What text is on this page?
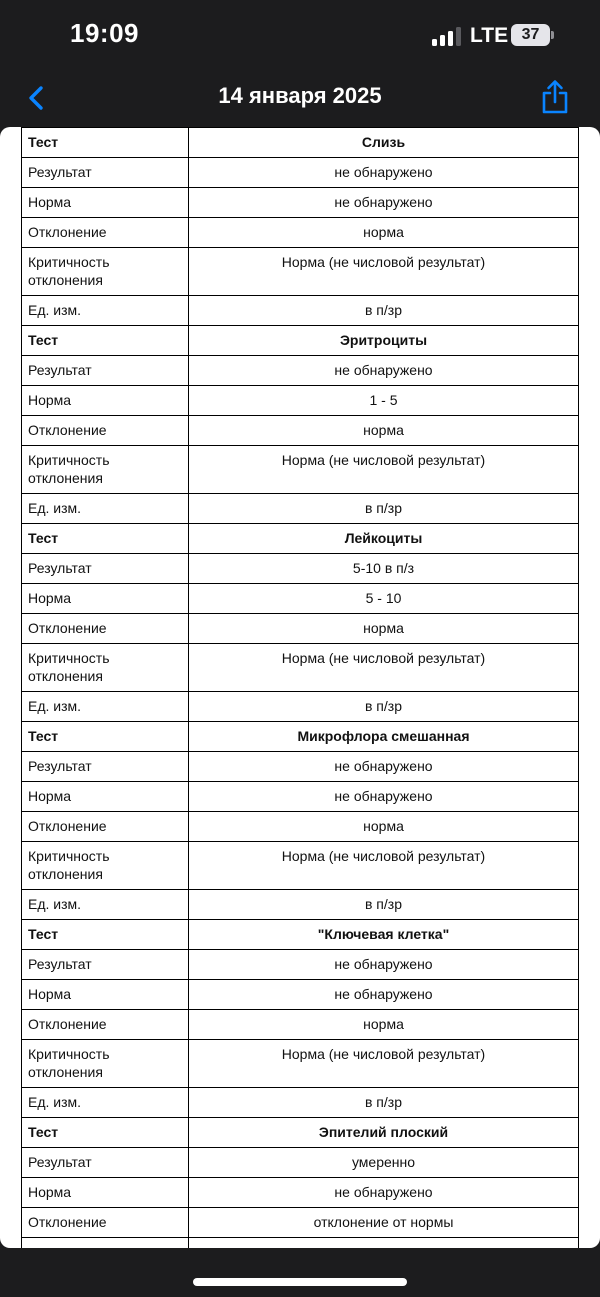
19:09	LTE 37
14 января 2025
Тест	Слизь
Результат	не обнаружено
Норма	не обнаружено
Отклонение	норма
Критичность отклонения	Норма (не числовой результат)
Ед. изм.	в п/зр
Тест	Эритроциты
Результат	не обнаружено
Норма	1 - 5
Отклонение	норма
Критичность отклонения	Норма (не числовой результат)
Ед. изм.	в п/зр
Тест	Лейкоциты
Результат	5-10 в п/з
Норма	5 - 10
Отклонение	норма
Критичность отклонения	Норма (не числовой результат)
Ед. изм.	в п/зр
Тест	Микрофлора смешанная
Результат	не обнаружено
Норма	не обнаружено
Отклонение	норма
Критичность отклонения	Норма (не числовой результат)
Ед. изм.	в п/зр
Тест	"Ключевая клетка"
Результат	не обнаружено
Норма	не обнаружено
Отклонение	норма
Критичность отклонения	Норма (не числовой результат)
Ед. изм.	в п/зр
Тест	Эпителий плоский
Результат	умеренно
Норма	не обнаружено
Отклонение	отклонение от нормы
